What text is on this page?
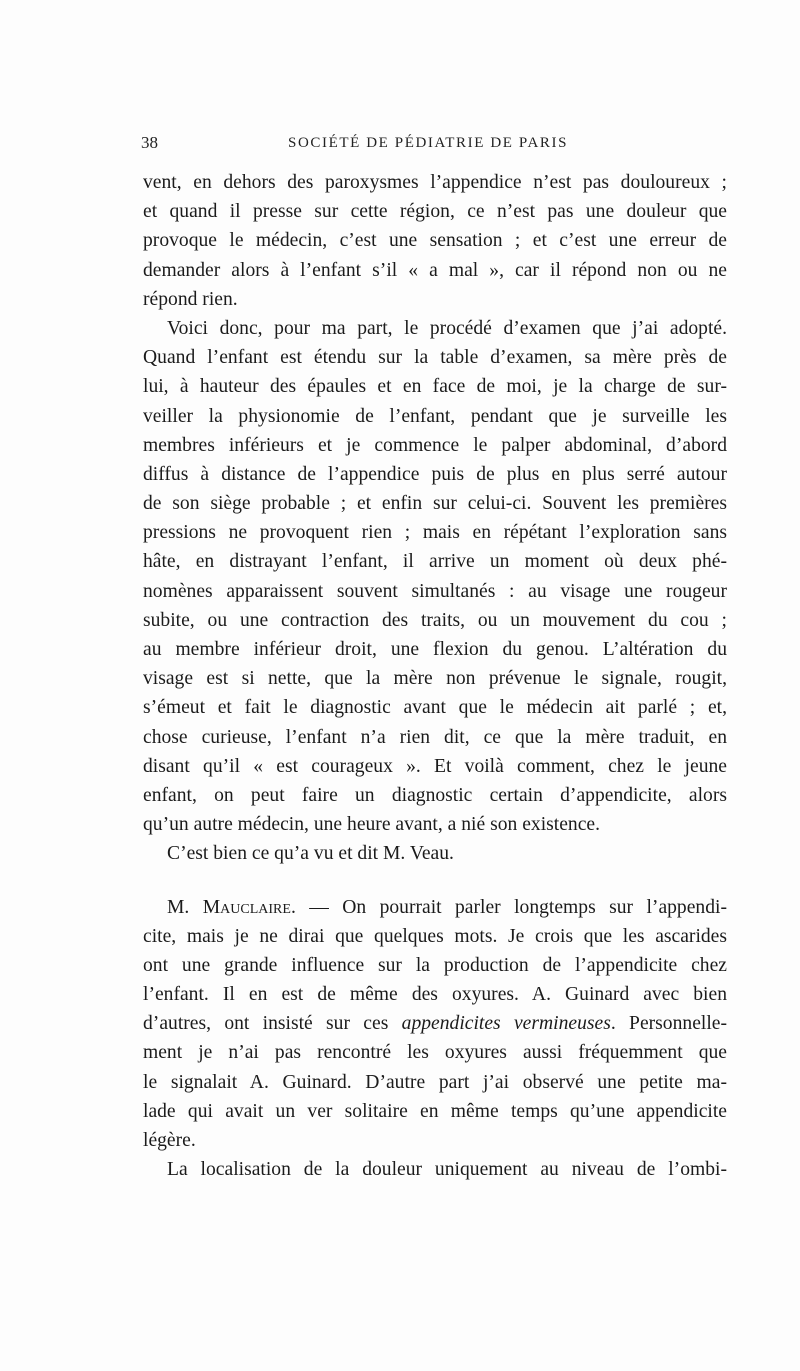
38	SOCIÉTÉ DE PÉDIATRIE DE PARIS
vent, en dehors des paroxysmes l’appendice n’est pas douloureux ;
et quand il presse sur cette région, ce n’est pas une douleur que
provoque le médecin, c’est une sensation ; et c’est une erreur de
demander alors à l’enfant s’il « a mal », car il répond non ou ne
répond rien.
Voici donc, pour ma part, le procédé d’examen que j’ai adopté.
Quand l’enfant est étendu sur la table d’examen, sa mère près de
lui, à hauteur des épaules et en face de moi, je la charge de sur-
veiller la physionomie de l’enfant, pendant que je surveille les
membres inférieurs et je commence le palper abdominal, d’abord
diffus à distance de l’appendice puis de plus en plus serré autour
de son siège probable ; et enfin sur celui-ci. Souvent les premières
pressions ne provoquent rien ; mais en répétant l’exploration sans
hâte, en distrayant l’enfant, il arrive un moment où deux phé-
nomènes apparaissent souvent simultanés : au visage une rougeur
subite, ou une contraction des traits, ou un mouvement du cou ;
au membre inférieur droit, une flexion du genou. L’altération du
visage est si nette, que la mère non prévenue le signale, rougit,
s’émeut et fait le diagnostic avant que le médecin ait parlé ; et,
chose curieuse, l’enfant n’a rien dit, ce que la mère traduit, en
disant qu’il « est courageux ». Et voilà comment, chez le jeune
enfant, on peut faire un diagnostic certain d’appendicite, alors
qu’un autre médecin, une heure avant, a nié son existence.
C’est bien ce qu’a vu et dit M. Veau.
M. Mauclaire. — On pourrait parler longtemps sur l’appendi-
cite, mais je ne dirai que quelques mots. Je crois que les ascarides
ont une grande influence sur la production de l’appendicite chez
l’enfant. Il en est de même des oxyures. A. Guinard avec bien
d’autres, ont insisté sur ces appendicites vermineuses. Personnelle-
ment je n’ai pas rencontré les oxyures aussi fréquemment que
le signalait A. Guinard. D’autre part j’ai observé une petite ma-
lade qui avait un ver solitaire en même temps qu’une appendicite
légère.
La localisation de la douleur uniquement au niveau de l’ombi-
